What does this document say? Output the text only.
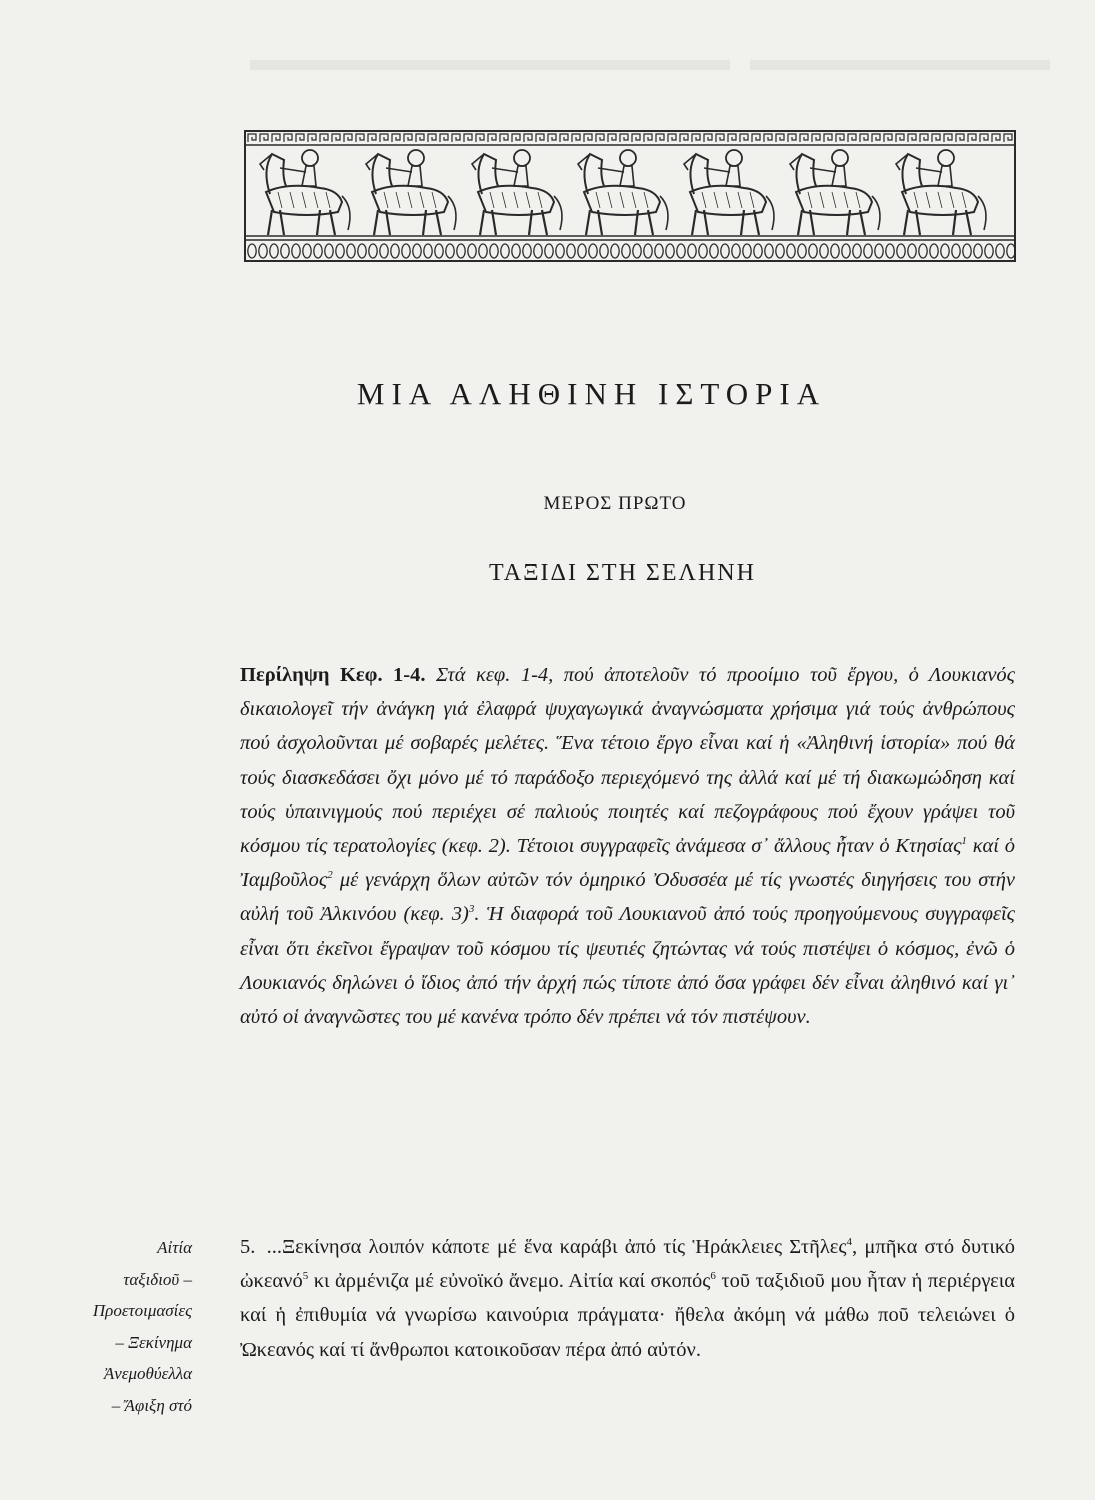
ΜΙΑ ΑΛΗΘΙΝΗ ΙΣΤΟΡΙΑ
ΜΕΡΟΣ ΠΡΩΤΟ
ΤΑΞΙΔΙ ΣΤΗ ΣΕΛΗΝΗ
Περίληψη Κεφ. 1-4. Στά κεφ. 1-4, πού ἀποτελοῦν τό προοίμιο τοῦ ἔργου, ὁ Λουκιανός δικαιολογεῖ τήν ἀνάγκη γιά ἐλαφρά ψυχαγωγικά ἀναγνώσματα χρήσιμα γιά τούς ἀνθρώπους πού ἀσχολοῦνται μέ σοβαρές μελέτες. Ἕνα τέτοιο ἔργο εἶναι καί ἡ «Ἀληθινή ἱστορία» πού θά τούς διασκεδάσει ὄχι μόνο μέ τό παράδοξο περιεχόμενό της ἀλλά καί μέ τή διακωμώδηση καί τούς ὑπαινιγμούς πού περιέχει σέ παλιούς ποιητές καί πεζογράφους πού ἔχουν γράψει τοῦ κόσμου τίς τερατολογίες (κεφ. 2). Τέτοιοι συγγραφεῖς ἀνάμεσα σ᾽ ἄλλους ἦταν ὁ Κτησίας$^1$ καί ὁ Ἰαμβοῦλος$^2$ μέ γενάρχη ὅλων αὐτῶν τόν ὁμηρικό Ὀδυσσέα μέ τίς γνωστές διηγήσεις του στήν αὐλή τοῦ Ἀλκινόου (κεφ. 3)$^3$. Ἡ διαφορά τοῦ Λουκιανοῦ ἀπό τούς προηγούμενους συγγραφεῖς εἶναι ὅτι ἐκεῖνοι ἔγραψαν τοῦ κόσμου τίς ψευτιές ζητώντας νά τούς πιστέψει ὁ κόσμος, ἐνῶ ὁ Λουκιανός δηλώνει ὁ ἴδιος ἀπό τήν ἀρχή πώς τίποτε ἀπό ὅσα γράφει δέν εἶναι ἀληθινό καί γι᾽ αὐτό οἱ ἀναγνῶστες του μέ κανένα τρόπο δέν πρέπει νά τόν πιστέψουν.
5. ...Ξεκίνησα λοιπόν κάποτε μέ ἕνα καράβι ἀπό τίς Ἡράκλειες Στῆλες$^4$, μπῆκα στό δυτικό ὠκεανό$^5$ κι ἀρμένιζα μέ εὐνοϊκό ἄνεμο. Αἰτία καί σκοπός$^6$ τοῦ ταξιδιοῦ μου ἦταν ἡ περιέργεια καί ἡ ἐπιθυμία νά γνωρίσω καινούρια πράγματα· ἤθελα ἀκόμη νά μάθω ποῦ τελειώνει ὁ Ὠκεανός καί τί ἄνθρωποι κατοικοῦσαν πέρα ἀπό αὐτόν.
Αἰτία
ταξιδιοῦ –
Προετοιμασίες
– Ξεκίνημα
Ἀνεμοθύελλα
– Ἄφιξη στό
